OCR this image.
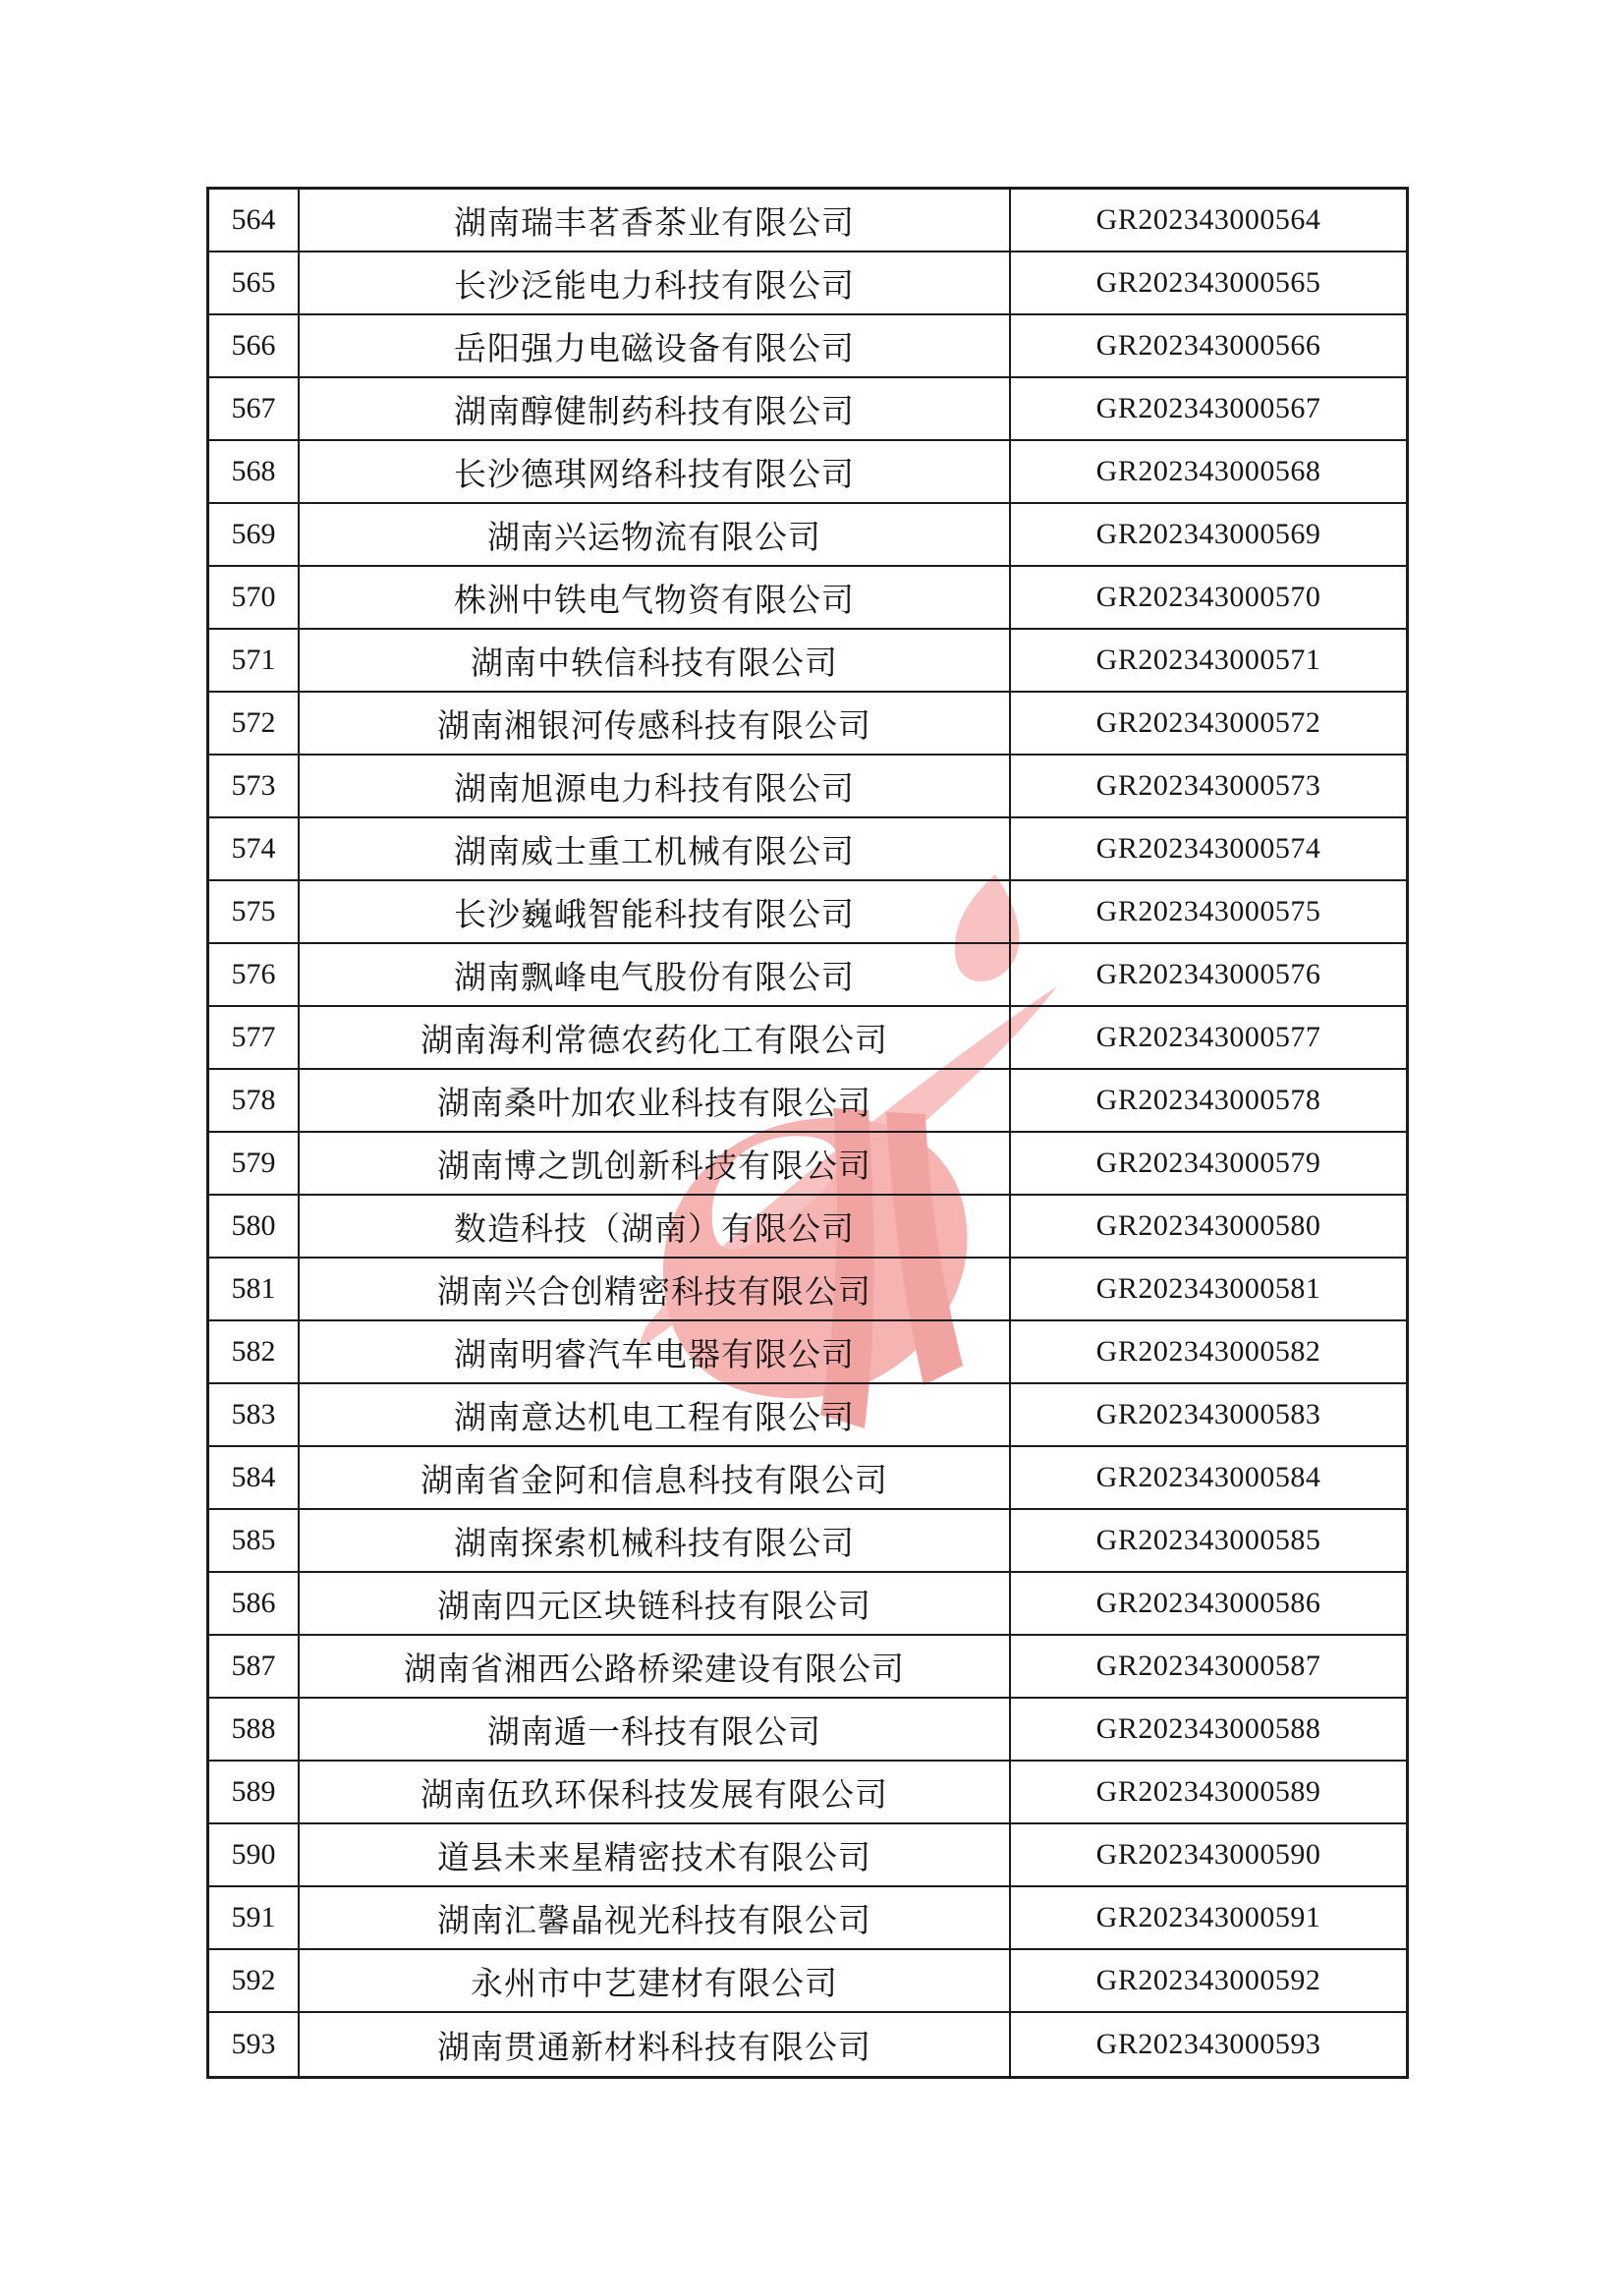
564	湖南瑞丰茗香茶业有限公司	GR202343000564
565	长沙泛能电力科技有限公司	GR202343000565
566	岳阳强力电磁设备有限公司	GR202343000566
567	湖南醇健制药科技有限公司	GR202343000567
568	长沙德琪网络科技有限公司	GR202343000568
569	湖南兴运物流有限公司	GR202343000569
570	株洲中铁电气物资有限公司	GR202343000570
571	湖南中轶信科技有限公司	GR202343000571
572	湖南湘银河传感科技有限公司	GR202343000572
573	湖南旭源电力科技有限公司	GR202343000573
574	湖南威士重工机械有限公司	GR202343000574
575	长沙巍峨智能科技有限公司	GR202343000575
576	湖南飘峰电气股份有限公司	GR202343000576
577	湖南海利常德农药化工有限公司	GR202343000577
578	湖南桑叶加农业科技有限公司	GR202343000578
579	湖南博之凯创新科技有限公司	GR202343000579
580	数造科技（湖南）有限公司	GR202343000580
581	湖南兴合创精密科技有限公司	GR202343000581
582	湖南明睿汽车电器有限公司	GR202343000582
583	湖南意达机电工程有限公司	GR202343000583
584	湖南省金阿和信息科技有限公司	GR202343000584
585	湖南探索机械科技有限公司	GR202343000585
586	湖南四元区块链科技有限公司	GR202343000586
587	湖南省湘西公路桥梁建设有限公司	GR202343000587
588	湖南遁一科技有限公司	GR202343000588
589	湖南伍玖环保科技发展有限公司	GR202343000589
590	道县未来星精密技术有限公司	GR202343000590
591	湖南汇馨晶视光科技有限公司	GR202343000591
592	永州市中艺建材有限公司	GR202343000592
593	湖南贯通新材料科技有限公司	GR202343000593
